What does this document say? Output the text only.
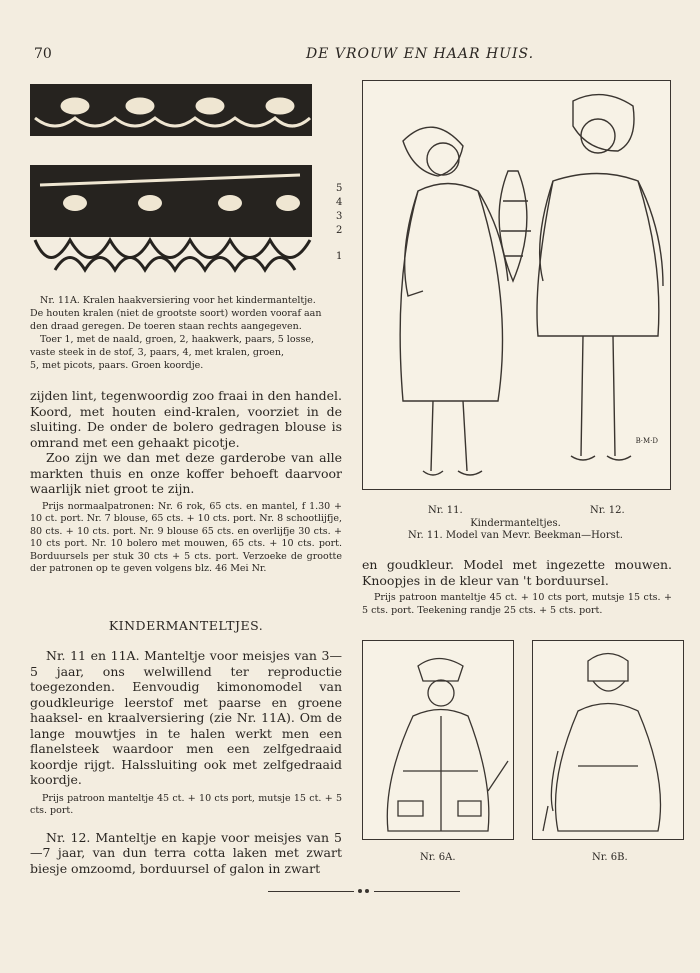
70	DE VROUW EN HAAR HUIS.
5
4
3
2
1
Nr. 11A. Kralen haakversiering voor het kindermanteltje.
De houten kralen (niet de grootste soort) worden vooraf aan
den draad geregen. De toeren staan rechts aangegeven.
Toer 1, met de naald, groen, 2, haakwerk, paars, 5 losse,
vaste steek in de stof, 3, paars, 4, met kralen, groen,
5, met picots, paars. Groen koordje.

zijden lint, tegenwoordig zoo fraai in den handel. Koord, met houten eind-kralen, voorziet in de sluiting. De onder de bolero gedragen blouse is omrand met een gehaakt picotje.

Zoo zijn we dan met deze garderobe van alle markten thuis en onze koffer behoeft daarvoor waarlijk niet groot te zijn.

Prijs normaalpatronen: Nr. 6 rok, 65 cts. en mantel, f 1.30 + 10 ct. port. Nr. 7 blouse, 65 cts. + 10 cts. port. Nr. 8 schootlijfje, 80 cts. + 10 cts. port. Nr. 9 blouse 65 cts. en overlijfje 30 cts. + 10 cts port. Nr. 10 bolero met mouwen, 65 cts. + 10 cts. port. Borduursels per stuk 30 cts + 5 cts. port. Verzoeke de grootte der patronen op te geven volgens blz. 46 Mei Nr.

KINDERMANTELTJES.

Nr. 11 en 11A. Manteltje voor meisjes van 3—5 jaar, ons welwillend ter reproductie toegezonden. Eenvoudig kimonomodel van goudkleurige leerstof met paarse en groene haaksel- en kraalversiering (zie Nr. 11A). Om de lange mouwtjes in te halen werkt men een flanelsteek waardoor men een zelfgedraaid koordje rijgt. Halssluiting ook met zelfgedraaid koordje.

Prijs patroon manteltje 45 ct. + 10 cts port, mutsje 15 ct. + 5 cts. port.

Nr. 12. Manteltje en kapje voor meisjes van 5—7 jaar, van dun terra cotta laken met zwart biesje omzoomd, borduursel of galon in zwart

B·M·D
Nr. 11.	Nr. 12.
Kindermanteltjes.
Nr. 11. Model van Mevr. Beekman—Horst.

en goudkleur. Model met ingezette mouwen. Knoopjes in de kleur van 't borduursel.

Prijs patroon manteltje 45 ct. + 10 cts port, mutsje 15 cts. + 5 cts. port. Teekening randje 25 cts. + 5 cts. port.

Nr. 6A.	Nr. 6B.
